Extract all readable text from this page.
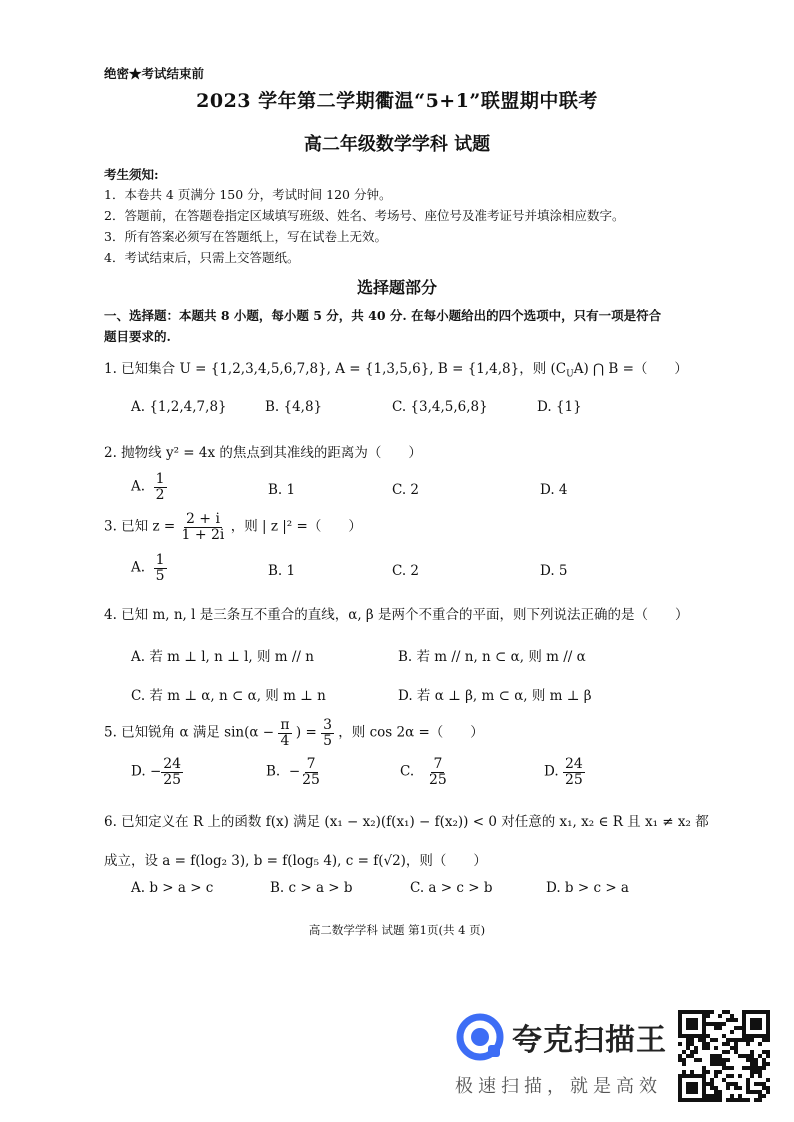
绝密★考试结束前
2023 学年第二学期衢温“5+1”联盟期中联考
高二年级数学学科 试题
考生须知:
1．本卷共 4 页满分 150 分，考试时间 120 分钟。
2．答题前，在答题卷指定区域填写班级、姓名、考场号、座位号及准考证号并填涂相应数字。
3．所有答案必须写在答题纸上，写在试卷上无效。
4．考试结束后，只需上交答题纸。
选择题部分
一、选择题：本题共 8 小题，每小题 5 分，共 40 分. 在每小题给出的四个选项中，只有一项是符合
题目要求的.
1. 已知集合 U = {1,2,3,4,5,6,7,8}, A = {1,3,5,6}, B = {1,4,8}，则 $(C_UA)$ ⋂ B =（　　）
A. {1,2,4,7,8}	B. {4,8}	C. {3,4,5,6,8}	D. {1}
2. 抛物线 y² = 4x 的焦点到其准线的距离为（　　）
A. $\frac{1}{2}$	B. 1	C. 2	D. 4
3. 已知 $z = \frac{2 + i}{1 + 2i}$ ，则 | z |² =（　　）
A. $\frac{1}{5}$	B. 1	C. 2	D. 5
4. 已知 m, n, l 是三条互不重合的直线，α, β 是两个不重合的平面，则下列说法正确的是（　　）
A. 若 m ⊥ l, n ⊥ l, 则 m // n	B. 若 m // n, n ⊂ α, 则 m // α
C. 若 m ⊥ α, n ⊂ α, 则 m ⊥ n	D. 若 α ⊥ β, m ⊂ α, 则 m ⊥ β
5. 已知锐角 α 满足 $\sin(\alpha - \frac{\pi}{4}$ ) = $\frac{3}{5}$ ，则 cos 2α =（　　）
D. − $\frac{24}{25}$	B. − $\frac{7}{25}$	C. $\frac{7}{25}$	D. $\frac{24}{25}$
6. 已知定义在 R 上的函数 f(x) 满足 (x₁ − x₂)(f(x₁) − f(x₂)) < 0 对任意的 x₁, x₂ ∈ R 且 x₁ ≠ x₂ 都
成立，设 a = f(log₂ 3), b = f(log₅ 4), c = f(√2)，则（　　）
A. b > a > c	B. c > a > b	C. a > c > b	D. b > c > a
高二数学学科 试题 第1页(共 4 页)
夸克扫描王
极速扫描，就是高效
